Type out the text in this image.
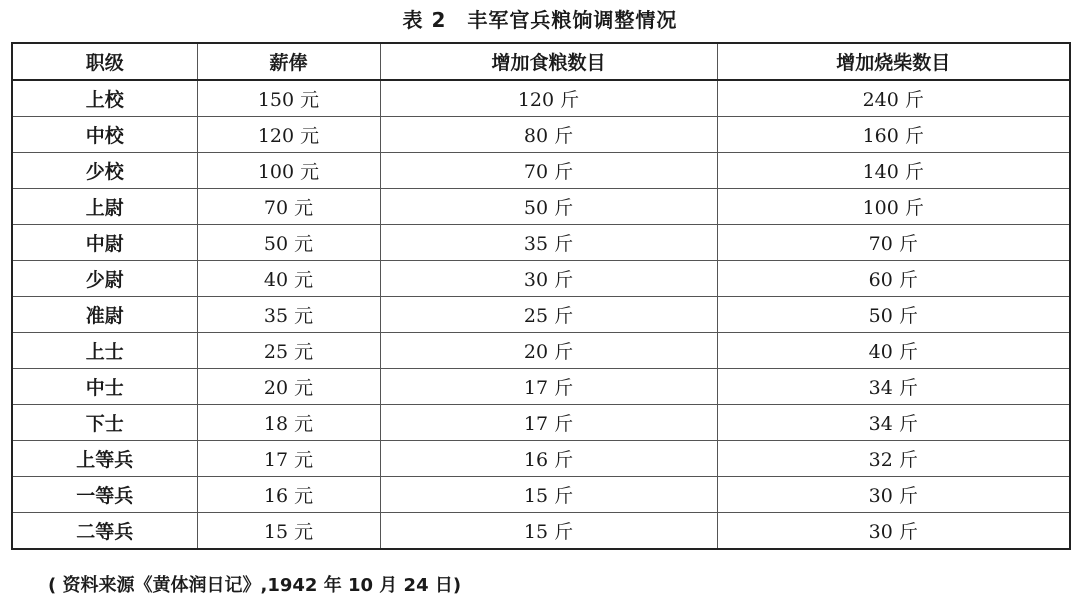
表 2　丰军官兵粮饷调整情况
职级	薪俸	增加食粮数目	增加烧柴数目
上校	150 元	120 斤	240 斤
中校	120 元	80 斤	160 斤
少校	100 元	70 斤	140 斤
上尉	70 元	50 斤	100 斤
中尉	50 元	35 斤	70 斤
少尉	40 元	30 斤	60 斤
准尉	35 元	25 斤	50 斤
上士	25 元	20 斤	40 斤
中士	20 元	17 斤	34 斤
下士	18 元	17 斤	34 斤
上等兵	17 元	16 斤	32 斤
一等兵	16 元	15 斤	30 斤
二等兵	15 元	15 斤	30 斤
( 资料来源《黄体润日记》,1942 年 10 月 24 日)
